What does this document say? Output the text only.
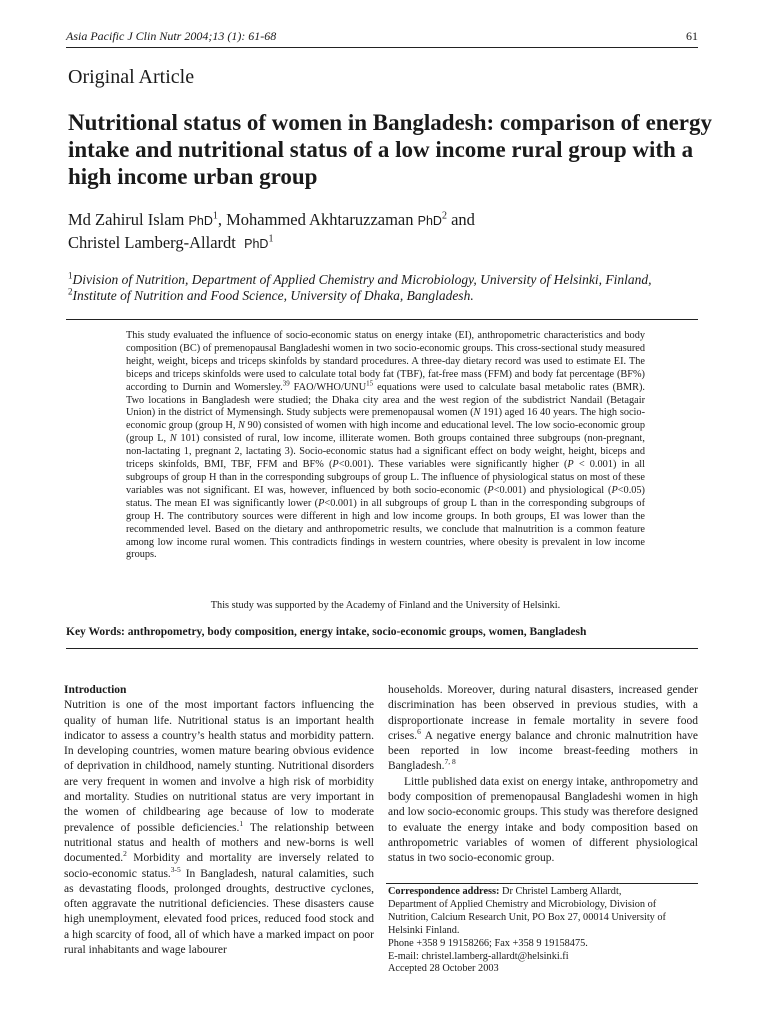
Asia Pacific J Clin Nutr 2004;13 (1): 61-68	61
Original Article
Nutritional status of women in Bangladesh: comparison of energy intake and nutritional status of a low income rural group with a high income urban group
Md Zahirul Islam PhD$^1$, Mohammed Akhtaruzzaman PhD$^2$ and
Christel Lamberg-Allardt PhD$^1$
$^1$Division of Nutrition, Department of Applied Chemistry and Microbiology, University of Helsinki, Finland,
$^2$Institute of Nutrition and Food Science, University of Dhaka, Bangladesh.

This study evaluated the influence of socio-economic status on energy intake (EI), anthropometric characteristics and body composition (BC) of premenopausal Bangladeshi women in two socio-economic groups. This cross-sectional study measured height, weight, biceps and triceps skinfolds by standard procedures. A three-day dietary record was used to estimate EI. The biceps and triceps skinfolds were used to calculate total body fat (TBF), fat-free mass (FFM) and body fat percentage (BF%) according to Durnin and Womersley.$^{39}$ FAO/WHO/UNU$^{15}$ equations were used to calculate basal metabolic rates (BMR). Two locations in Bangladesh were studied; the Dhaka city area and the west region of the subdistrict Nandail (Betagair Union) in the district of Mymensingh. Study subjects were premenopausal women (N 191) aged 16 40 years. The high socio-economic group (group H, N 90) consisted of women with high income and educational level. The low socio-economic group (group L, N 101) consisted of rural, low income, illiterate women. Both groups contained three subgroups (non-pregnant, non-lactating 1, pregnant 2, lactating 3). Socio-economic status had a significant effect on body weight, height, biceps and triceps skinfolds, BMI, TBF, FFM and BF% (P<0.001). These variables were significantly higher (P < 0.001) in all subgroups of group H than in the corresponding subgroups of group L. The influence of physiological status on most of these variables was not significant. EI was, however, influenced by both socio-economic (P<0.001) and physiological (P<0.05) status. The mean EI was significantly lower (P<0.001) in all subgroups of group L than in the corresponding subgroups of group H. The contributory sources were different in high and low income groups. In both groups, EI was lower than the recommended level. Based on the dietary and anthropometric results, we conclude that malnutrition is a common feature among low income rural women. This contradicts findings in western countries, where obesity is prevalent in low income groups.

This study was supported by the Academy of Finland and the University of Helsinki.
Key Words: anthropometry, body composition, energy intake, socio-economic groups, women, Bangladesh
Introduction

Nutrition is one of the most important factors influencing the quality of human life. Nutritional status is an important health indicator to assess a country’s health status and morbidity pattern. In developing countries, women mature bearing obvious evidence of deprivation in childhood, namely stunting. Nutritional disorders are very frequent in women and involve a high risk of morbidity and mortality. Studies on nutritional status are very important in the women of childbearing age because of low to moderate prevalence of possible deficiencies.$^1$ The relationship between nutritional status and health of mothers and new-borns is well documented.$^2$ Morbidity and mortality are inversely related to socio-economic status.$^{3-5}$ In Bangladesh, natural calamities, such as devastating floods, prolonged droughts, destructive cyclones, often aggravate the nutritional deficiencies. These disasters cause high unemployment, elevated food prices, reduced food stock and a high scarcity of food, all of which have a marked impact on poor rural inhabitants and wage labourer

households. Moreover, during natural disasters, increased gender discrimination has been observed in previous studies, with a disproportionate increase in female mortality in severe food crises.$^6$ A negative energy balance and chronic malnutrition have been reported in low income breast-feeding mothers in Bangladesh.$^{7, 8}$

Little published data exist on energy intake, anthropometry and body composition of premenopausal Bangladeshi women in high and low socio-economic groups. This study was therefore designed to evaluate the energy intake and body composition based on anthropometric variables of women of different physiological status in two socio-economic group.

Correspondence address: Dr Christel Lamberg Allardt,

Department of Applied Chemistry and Microbiology, Division of Nutrition, Calcium Research Unit, PO Box 27, 00014 University of Helsinki Finland.

Phone +358 9 19158266; Fax +358 9 19158475.

E-mail: christel.lamberg-allardt@helsinki.fi

Accepted 28 October 2003
